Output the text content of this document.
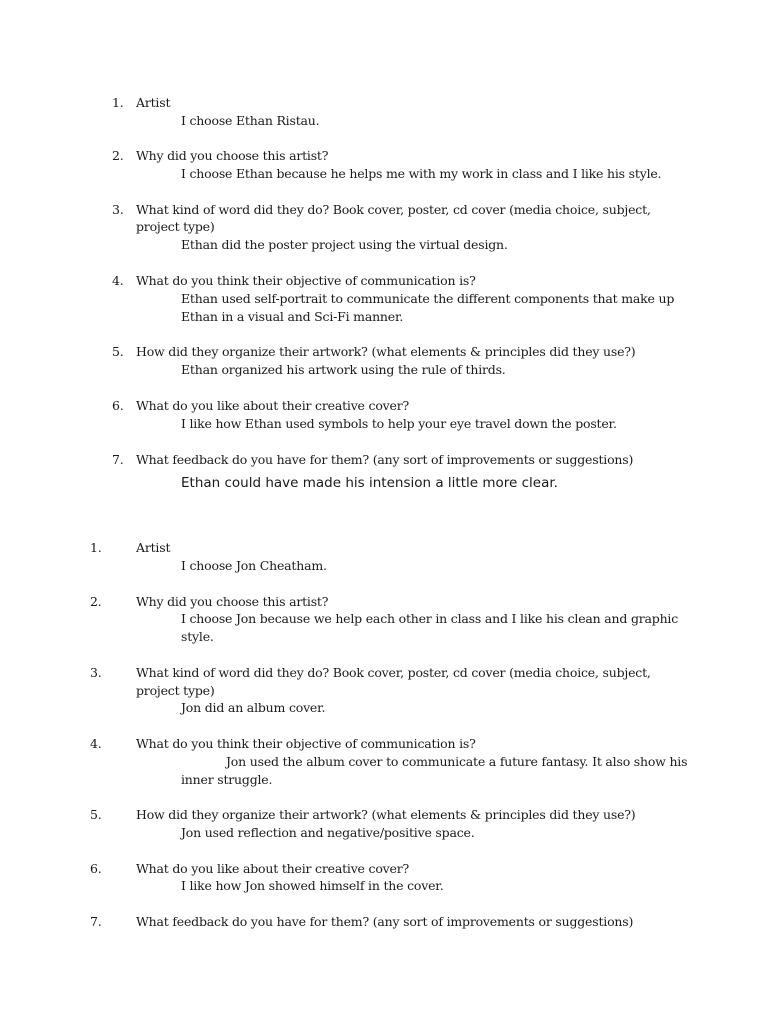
1. Artist
I choose Ethan Ristau.
2. Why did you choose this artist?
I choose Ethan because he helps me with my work in class and I like his style.
3. What kind of word did they do? Book cover, poster, cd cover (media choice, subject,
project type)
Ethan did the poster project using the virtual design.
4. What do you think their objective of communication is?
Ethan used self-portrait to communicate the different components that make up
Ethan in a visual and Sci-Fi manner.
5. How did they organize their artwork? (what elements & principles did they use?)
Ethan organized his artwork using the rule of thirds.
6. What do you like about their creative cover?
I like how Ethan used symbols to help your eye travel down the poster.
7. What feedback do you have for them? (any sort of improvements or suggestions)
Ethan could have made his intension a little more clear.
1.	Artist
I choose Jon Cheatham.
2.	Why did you choose this artist?
I choose Jon because we help each other in class and I like his clean and graphic
style.
3.	What kind of word did they do? Book cover, poster, cd cover (media choice, subject,
project type)
Jon did an album cover.
4.	What do you think their objective of communication is?
Jon used the album cover to communicate a future fantasy. It also show his
inner struggle.
5.	How did they organize their artwork? (what elements & principles did they use?)
Jon used reflection and negative/positive space.
6.	What do you like about their creative cover?
I like how Jon showed himself in the cover.
7.	What feedback do you have for them? (any sort of improvements or suggestions)
